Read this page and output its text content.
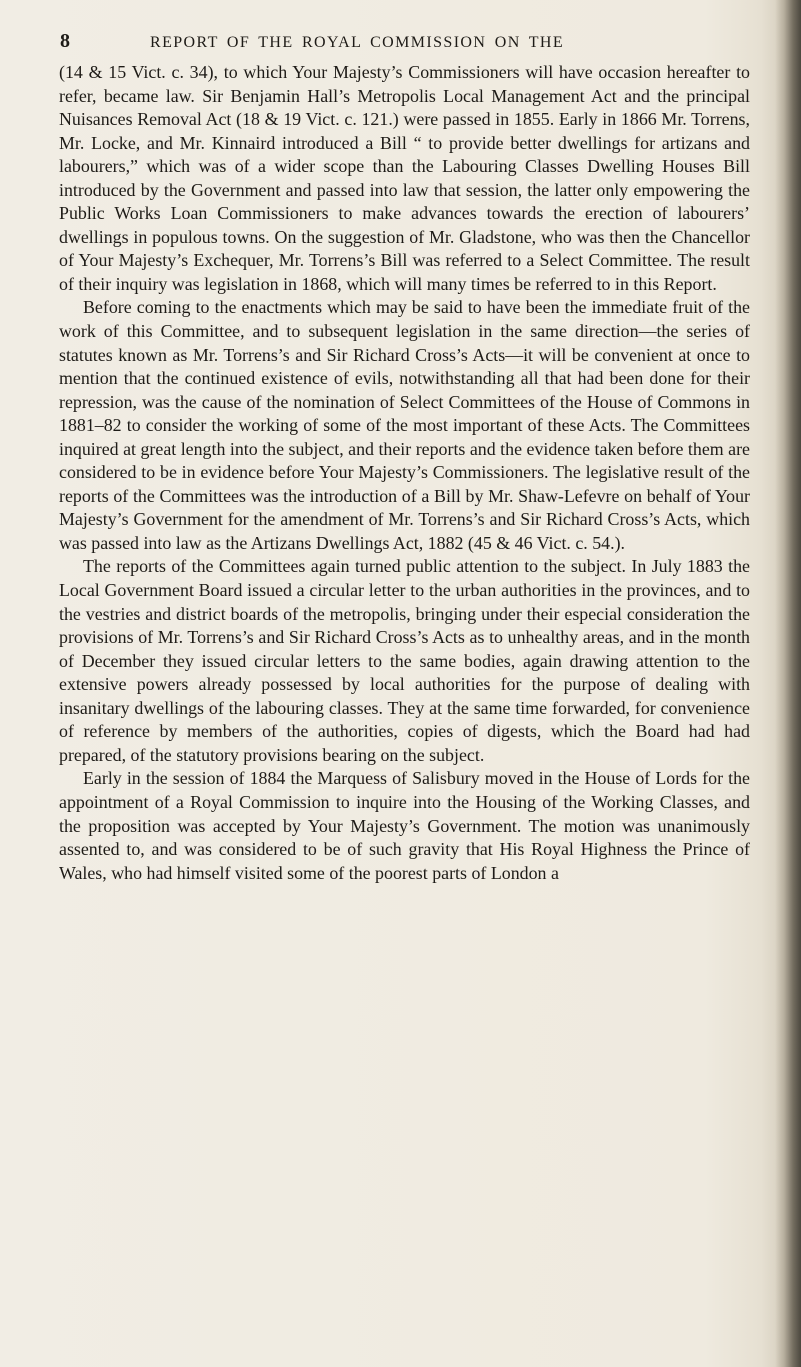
8	REPORT OF THE ROYAL COMMISSION ON THE

(14 & 15 Vict. c. 34), to which Your Majesty’s Commissioners will have occasion hereafter to refer, became law. Sir Benjamin Hall’s Metropolis Local Management Act and the principal Nuisances Removal Act (18 & 19 Vict. c. 121.) were passed in 1855. Early in 1866 Mr. Torrens, Mr. Locke, and Mr. Kinnaird introduced a Bill “ to provide better dwellings for artizans and labourers,” which was of a wider scope than the Labouring Classes Dwelling Houses Bill introduced by the Government and passed into law that session, the latter only empowering the Public Works Loan Commissioners to make advances towards the erection of labourers’ dwellings in populous towns. On the suggestion of Mr. Gladstone, who was then the Chancellor of Your Majesty’s Exchequer, Mr. Torrens’s Bill was referred to a Select Committee. The result of their inquiry was legislation in 1868, which will many times be referred to in this Report.

Before coming to the enactments which may be said to have been the immediate fruit of the work of this Committee, and to subsequent legislation in the same direction—the series of statutes known as Mr. Torrens’s and Sir Richard Cross’s Acts—it will be convenient at once to mention that the continued existence of evils, notwithstanding all that had been done for their repression, was the cause of the nomination of Select Committees of the House of Commons in 1881–82 to consider the working of some of the most important of these Acts. The Committees inquired at great length into the subject, and their reports and the evidence taken before them are considered to be in evidence before Your Majesty’s Commissioners. The legislative result of the reports of the Committees was the introduction of a Bill by Mr. Shaw-Lefevre on behalf of Your Majesty’s Government for the amendment of Mr. Torrens’s and Sir Richard Cross’s Acts, which was passed into law as the Artizans Dwellings Act, 1882 (45 & 46 Vict. c. 54.).

The reports of the Committees again turned public attention to the subject. In July 1883 the Local Government Board issued a circular letter to the urban authorities in the provinces, and to the vestries and district boards of the metropolis, bringing under their especial consideration the provisions of Mr. Torrens’s and Sir Richard Cross’s Acts as to unhealthy areas, and in the month of December they issued circular letters to the same bodies, again drawing attention to the extensive powers already possessed by local authorities for the purpose of dealing with insanitary dwellings of the labouring classes. They at the same time forwarded, for convenience of reference by members of the authorities, copies of digests, which the Board had had prepared, of the statutory provisions bearing on the subject.

Early in the session of 1884 the Marquess of Salisbury moved in the House of Lords for the appointment of a Royal Commission to inquire into the Housing of the Working Classes, and the proposition was accepted by Your Majesty’s Government. The motion was unanimously assented to, and was considered to be of such gravity that His Royal Highness the Prince of Wales, who had himself visited some of the poorest parts of London a
